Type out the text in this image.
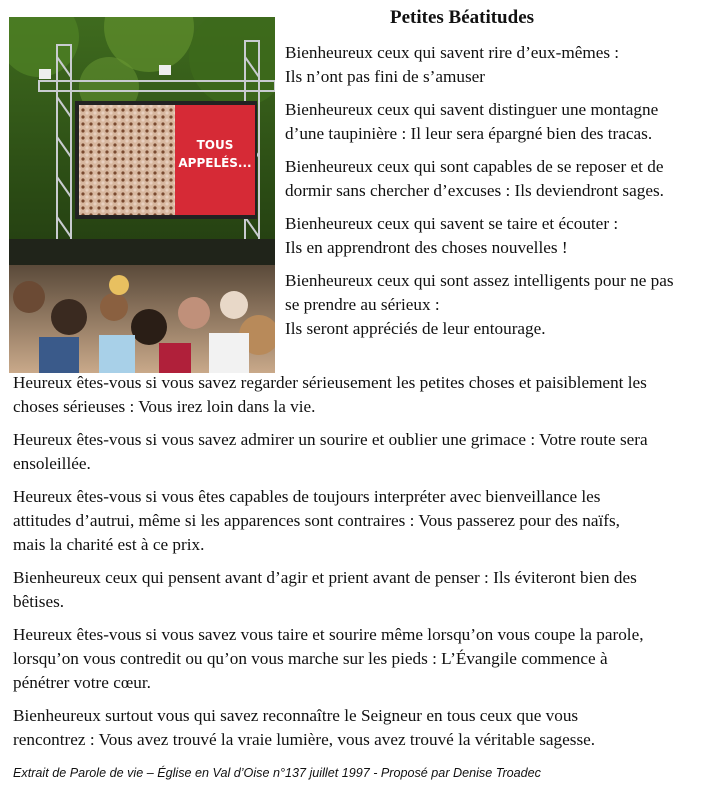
TOUS
APPELÉS...
Petites Béatitudes

Bienheureux ceux qui savent rire d’eux-mêmes :
Ils n’ont pas fini de s’amuser

Bienheureux ceux qui savent distinguer une montagne
d’une taupinière : Il leur sera épargné bien des tracas.

Bienheureux ceux qui sont capables de se reposer et de
dormir sans chercher d’excuses : Ils deviendront sages.

Bienheureux ceux qui savent se taire et écouter :
Ils en apprendront des choses nouvelles !

Bienheureux ceux qui sont assez intelligents pour ne pas
se prendre au sérieux :
Ils seront appréciés de leur entourage.

Heureux êtes-vous si vous savez regarder sérieusement les petites choses et paisiblement les
choses sérieuses : Vous irez loin dans la vie.

Heureux êtes-vous si vous savez admirer un sourire et oublier une grimace : Votre route sera
ensoleillée.

Heureux êtes-vous si vous êtes capables de toujours interpréter avec bienveillance les
attitudes d’autrui, même si les apparences sont contraires : Vous passerez pour des naïfs,
mais la charité est à ce prix.

Bienheureux ceux qui pensent avant d’agir et prient avant de penser : Ils éviteront bien des
bêtises.

Heureux êtes-vous si vous savez vous taire et sourire même lorsqu’on vous coupe la parole,
lorsqu’on vous contredit ou qu’on vous marche sur les pieds : L’Évangile commence à
pénétrer votre cœur.

Bienheureux surtout vous qui savez reconnaître le Seigneur en tous ceux que vous
rencontrez : Vous avez trouvé la vraie lumière, vous avez trouvé la véritable sagesse.

Extrait de Parole de vie – Église en Val d’Oise n°137 juillet 1997 - Proposé par Denise Troadec
